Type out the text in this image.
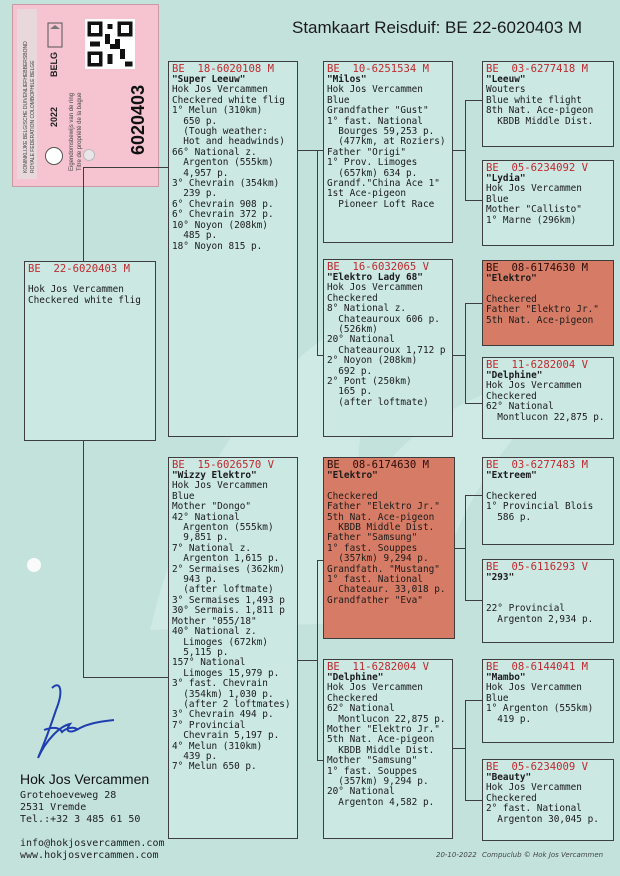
Stamkaart Reisduif: BE 22-6020403 M
6020403
2022
BELG
KONINKLIJKE BELGISCHE DUIVENLIEFHEBBERSBOND ROYALE FEDERATION COLOMBOPHILE BELGE	Eigendomsbewijs van de ring Titre de propriété de la bague
BE  22-6020403 M

Hok Jos Vercammen
Checkered white flig
BE  18-6020108 M
"Super Leeuw"
Hok Jos Vercammen
Checkered white flig
1° Melun (310km)
650 p.
(Tough weather:
Hot and headwinds)
66° National z.
Argenton (555km)
4,957 p.
3° Chevrain (354km)
239 p.
6° Chevrain 908 p.
6° Chevrain 372 p.
10° Noyon (208km)
485 p.
18° Noyon 815 p.
BE  15-6026570 V
"Wizzy Elektro"
Hok Jos Vercammen
Blue
Mother "Dongo"
42° National
Argenton (555km)
9,851 p.
7° National z.
Argenton 1,615 p.
2° Sermaises (362km)
943 p.
(after loftmate)
3° Sermaises 1,493 p
30° Sermais. 1,811 p
Mother "055/18"
40° National z.
Limoges (672km)
5,115 p.
157° National
Limoges 15,979 p.
3° fast. Chevrain
(354km) 1,030 p.
(after 2 loftmates)
3° Chevrain 494 p.
7° Provincial
Chevrain 5,197 p.
4° Melun (310km)
439 p.
7° Melun 650 p.
BE  10-6251534 M
"Milos"
Hok Jos Vercammen
Blue
Grandfather "Gust"
1° fast. National
Bourges 59,253 p.
(477km, at Roziers)
Father "Origi"
1° Prov. Limoges
(657km) 634 p.
Grandf."China Ace 1"
1st Ace-pigeon
Pioneer Loft Race
BE  16-6032065 V
"Elektro Lady 68"
Hok Jos Vercammen
Checkered
8° National z.
Chateauroux 606 p.
(526km)
20° National
Chateauroux 1,712 p
2° Noyon (208km)
692 p.
2° Pont (250km)
165 p.
(after loftmate)
BE  08-6174630 M
"Elektro"

Checkered
Father "Elektro Jr."
5th Nat. Ace-pigeon
KBDB Middle Dist.
Father "Samsung"
1° fast. Souppes
(357km) 9,294 p.
Grandfath. "Mustang"
1° fast. National
Chateaur. 33,018 p.
Grandfather "Eva"
BE  11-6282004 V
"Delphine"
Hok Jos Vercammen
Checkered
62° National
Montlucon 22,875 p.
Mother "Elektro Jr."
5th Nat. Ace-pigeon
KBDB Middle Dist.
Mother "Samsung"
1° fast. Souppes
(357km) 9,294 p.
20° National
Argenton 4,582 p.
BE  03-6277418 M
"Leeuw"
Wouters
Blue white flight
8th Nat. Ace-pigeon
KBDB Middle Dist.
BE  05-6234092 V
"Lydia"
Hok Jos Vercammen
Blue
Mother "Callisto"
1° Marne (296km)
BE  08-6174630 M
"Elektro"

Checkered
Father "Elektro Jr."
5th Nat. Ace-pigeon
BE  11-6282004 V
"Delphine"
Hok Jos Vercammen
Checkered
62° National
Montlucon 22,875 p.
BE  03-6277483 M
"Extreem"

Checkered
1° Provincial Blois
586 p.
BE  05-6116293 V
"293"

22° Provincial
Argenton 2,934 p.
BE  08-6144041 M
"Mambo"
Hok Jos Vercammen
Blue
1° Argenton (555km)
419 p.
BE  05-6234009 V
"Beauty"
Hok Jos Vercammen
Checkered
2° fast. National
Argenton 30,045 p.
Hok Jos Vercammen
Grotehoeveweg 28
2531 Vremde
Tel.:+32 3 485 61 50
info@hokjosvercammen.com
www.hokjosvercammen.com	20-10-2022 Compuclub © Hok Jos Vercammen
